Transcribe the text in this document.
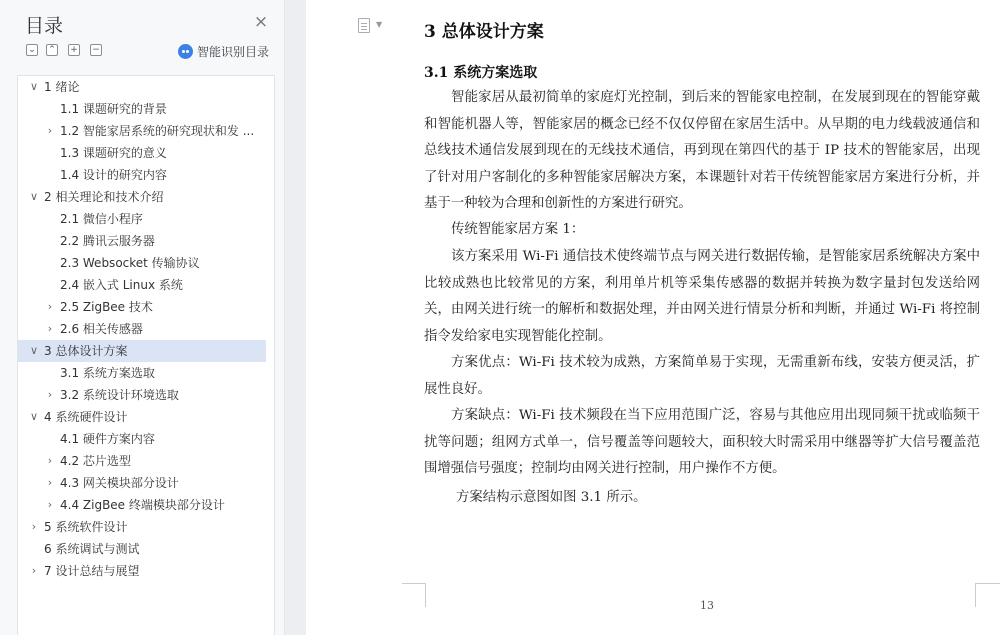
目录	×
⌄ ⌃ + −	智能识别目录
∨ 1 绪论
1.1 课题研究的背景
› 1.2 智能家居系统的研究现状和发 ...
1.3 课题研究的意义
1.4 设计的研究内容
∨ 2 相关理论和技术介绍
2.1 微信小程序
2.2 腾讯云服务器
2.3 Websocket 传输协议
2.4 嵌入式 Linux 系统
› 2.5 ZigBee 技术
› 2.6 相关传感器
∨ 3 总体设计方案
3.1 系统方案选取
› 3.2 系统设计环境选取
∨ 4 系统硬件设计
4.1 硬件方案内容
› 4.2 芯片选型
› 4.3 网关模块部分设计
› 4.4 ZigBee 终端模块部分设计
› 5 系统软件设计
6 系统调试与测试
› 7 设计总结与展望
▼ 3 总体设计方案
3.1 系统方案选取
智能家居从最初简单的家庭灯光控制，到后来的智能家电控制，在发展到现在的智能穿戴和智能机器人等，智能家居的概念已经不仅仅停留在家居生活中。从早期的电力线载波通信和总线技术通信发展到现在的无线技术通信，再到现在第四代的基于 IP 技术的智能家居，出现了针对用户客制化的多种智能家居解决方案，本课题针对若干传统智能家居方案进行分析，并基于一种较为合理和创新性的方案进行研究。
传统智能家居方案 1：
该方案采用 Wi-Fi 通信技术使终端节点与网关进行数据传输，是智能家居系统解决方案中比较成熟也比较常见的方案，利用单片机等采集传感器的数据并转换为数字量封包发送给网关，由网关进行统一的解析和数据处理，并由网关进行情景分析和判断，并通过 Wi-Fi 将控制指令发给家电实现智能化控制。
方案优点：Wi-Fi 技术较为成熟，方案简单易于实现，无需重新布线，安装方便灵活，扩展性良好。
方案缺点：Wi-Fi 技术频段在当下应用范围广泛，容易与其他应用出现同频干扰或临频干扰等问题；组网方式单一，信号覆盖等问题较大，面积较大时需采用中继器等扩大信号覆盖范围增强信号强度；控制均由网关进行控制，用户操作不方便。
方案结构示意图如图 3.1 所示。
13
